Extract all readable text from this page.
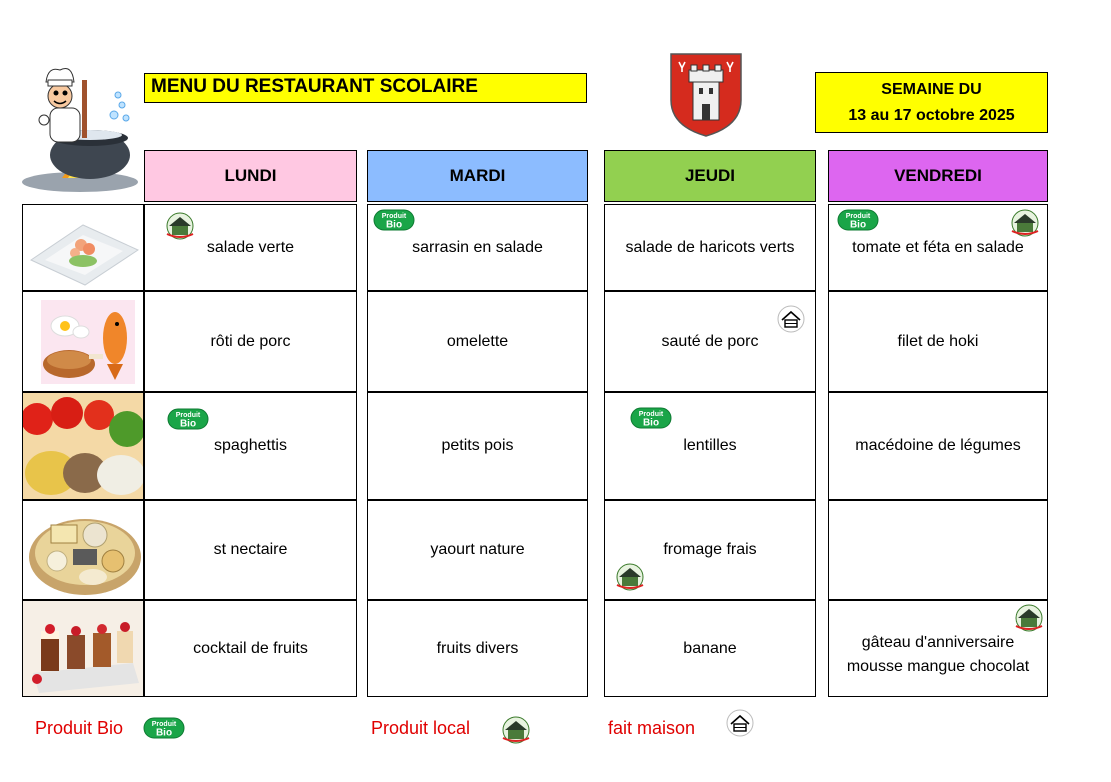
MENU DU RESTAURANT SCOLAIRE	SEMAINE DU
13 au 17 octobre 2025
LUNDI	MARDI	JEUDI	VENDREDI
salade verte	sarrasin en salade	salade de haricots verts	tomate et féta en salade
rôti de porc	omelette	sauté de porc	filet de hoki
spaghettis	petits pois	lentilles	macédoine de légumes
st nectaire	yaourt nature	fromage frais
cocktail de fruits	fruits divers	banane	gâteau d'anniversaire
mousse mangue chocolat
Produit
Bio
Produit
Bio
Produit
Bio
Produit
Bio
Produit Bio	Produit
Bio	Produit local	fait maison
